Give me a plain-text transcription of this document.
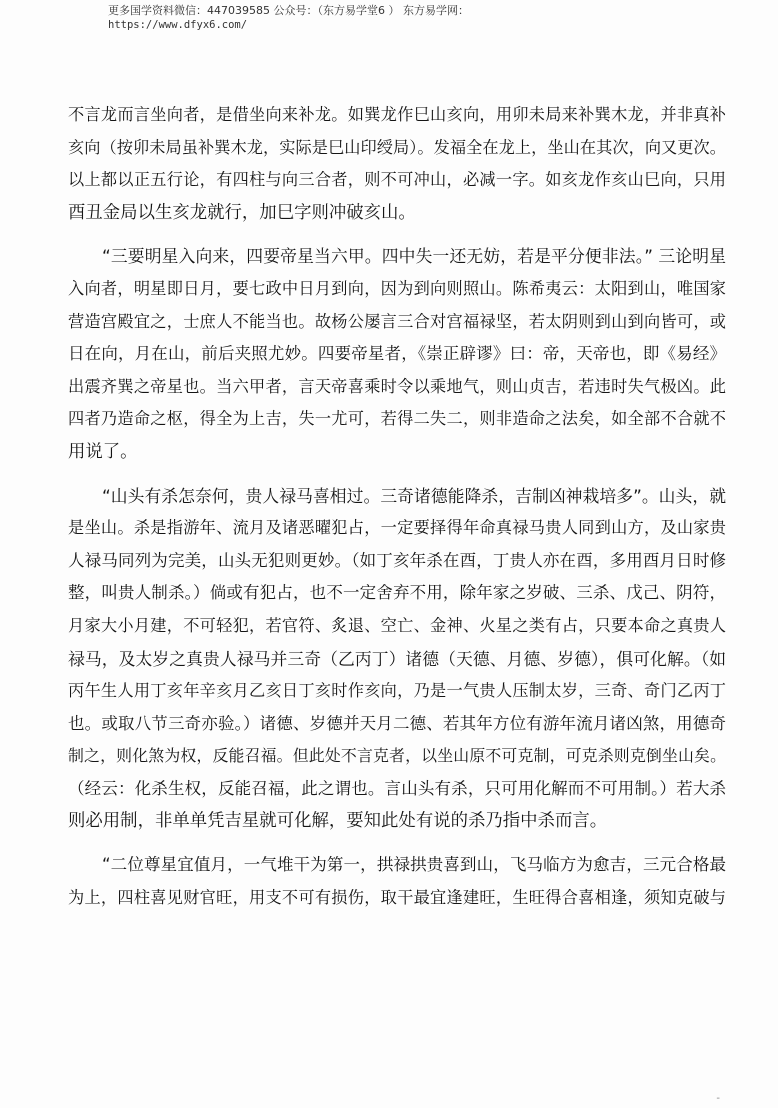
更多国学资料微信：447039585 公众号：（东方易学堂6 ） 东方易学网：
https://www.dfyx6.com/
不言龙而言坐向者，是借坐向来补龙。如巽龙作巳山亥向，用卯未局来补巽木龙，并非真补
亥向（按卯未局虽补巽木龙，实际是巳山印绶局）。发福全在龙上，坐山在其次，向又更次。
以上都以正五行论，有四柱与向三合者，则不可冲山，必减一字。如亥龙作亥山巳向，只用
酉丑金局以生亥龙就行，加巳字则冲破亥山。
“三要明星入向来，四要帝星当六甲。四中失一还无妨，若是平分便非法。” 三论明星
入向者，明星即日月，要七政中日月到向，因为到向则照山。陈希夷云：太阳到山，唯国家
营造宫殿宜之，士庶人不能当也。故杨公屡言三合对宫福禄坚，若太阴则到山到向皆可，或
日在向，月在山，前后夹照尤妙。四要帝星者，《崇正辟谬》曰：帝，天帝也，即《易经》
出震齐巽之帝星也。当六甲者，言天帝喜乘时令以乘地气，则山贞吉，若违时失气极凶。此
四者乃造命之枢，得全为上吉，失一尤可，若得二失二，则非造命之法矣，如全部不合就不
用说了。
“山头有杀怎奈何，贵人禄马喜相过。三奇诸德能降杀，吉制凶神栽培多”。山头，就
是坐山。杀是指游年、流月及诸恶曜犯占，一定要择得年命真禄马贵人同到山方，及山家贵
人禄马同列为完美，山头无犯则更妙。（如丁亥年杀在酉，丁贵人亦在酉，多用酉月日时修
整，叫贵人制杀。）倘或有犯占，也不一定舍弃不用，除年家之岁破、三杀、戊己、阴符，
月家大小月建，不可轻犯，若官符、炙退、空亡、金神、火星之类有占，只要本命之真贵人
禄马，及太岁之真贵人禄马并三奇（乙丙丁）诸德（天德、月德、岁德），俱可化解。（如
丙午生人用丁亥年辛亥月乙亥日丁亥时作亥向，乃是一气贵人压制太岁，三奇、奇门乙丙丁
也。或取八节三奇亦验。）诸德、岁德并天月二德、若其年方位有游年流月诸凶煞，用德奇
制之，则化煞为权，反能召福。但此处不言克者，以坐山原不可克制，可克杀则克倒坐山矣。
（经云：化杀生权，反能召福，此之谓也。言山头有杀，只可用化解而不可用制。）若大杀
则必用制，非单单凭吉星就可化解，要知此处有说的杀乃指中杀而言。
“二位尊星宜值月，一气堆干为第一，拱禄拱贵喜到山，飞马临方为愈吉，三元合格最
为上，四柱喜见财官旺，用支不可有损伤，取干最宜逢建旺，生旺得合喜相逢，须知克破与
-
